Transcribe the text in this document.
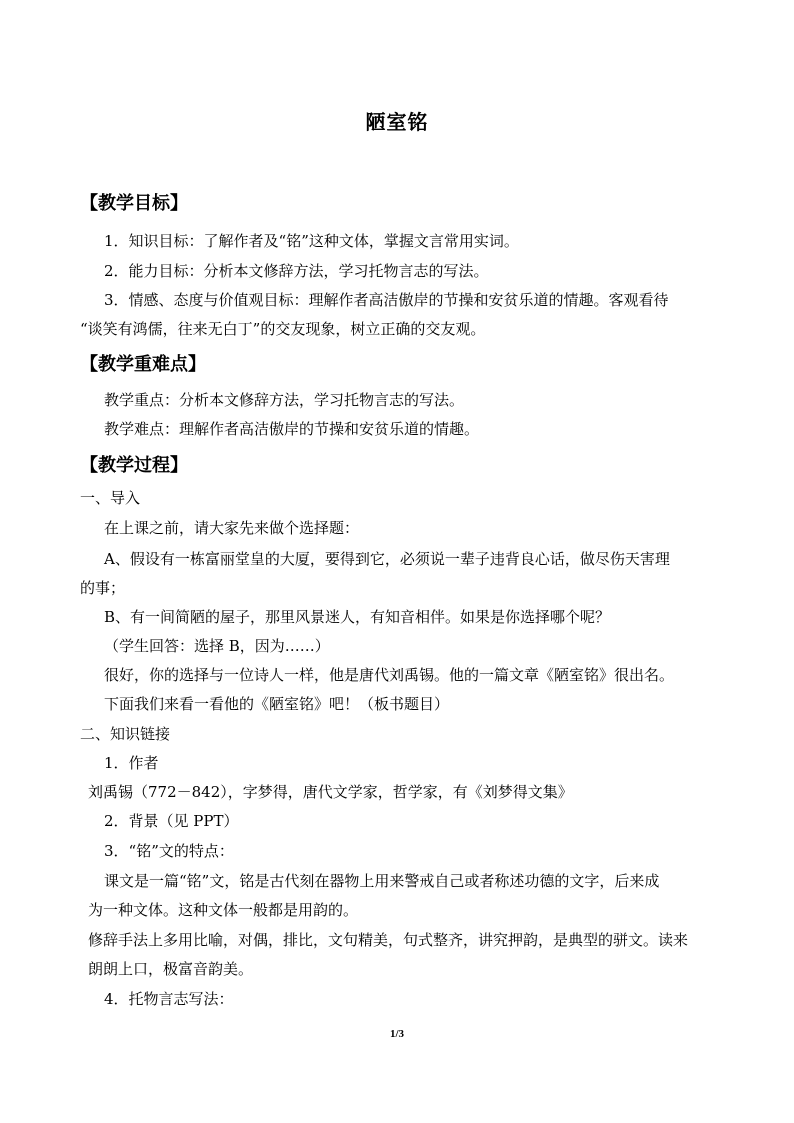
陋室铭
【教学目标】
1．知识目标：了解作者及“铭”这种文体，掌握文言常用实词。
2．能力目标：分析本文修辞方法，学习托物言志的写法。
3．情感、态度与价值观目标：理解作者高洁傲岸的节操和安贫乐道的情趣。客观看待
“谈笑有鸿儒，往来无白丁”的交友现象，树立正确的交友观。
【教学重难点】
教学重点：分析本文修辞方法，学习托物言志的写法。
教学难点：理解作者高洁傲岸的节操和安贫乐道的情趣。
【教学过程】
一、导入
在上课之前，请大家先来做个选择题：
A、假设有一栋富丽堂皇的大厦，要得到它，必须说一辈子违背良心话，做尽伤天害理
的事；
B、有一间简陋的屋子，那里风景迷人，有知音相伴。如果是你选择哪个呢？
（学生回答：选择 B，因为……）
很好，你的选择与一位诗人一样，他是唐代刘禹锡。他的一篇文章《陋室铭》很出名。
下面我们来看一看他的《陋室铭》吧！（板书题目）
二、知识链接
1．作者
刘禹锡（772－842），字梦得，唐代文学家，哲学家，有《刘梦得文集》
2．背景（见 PPT）
3．“铭”文的特点：
课文是一篇“铭”文，铭是古代刻在器物上用来警戒自己或者称述功德的文字，后来成
为一种文体。这种文体一般都是用韵的。
修辞手法上多用比喻，对偶，排比，文句精美，句式整齐，讲究押韵，是典型的骈文。读来
朗朗上口，极富音韵美。
4．托物言志写法：
1/3
